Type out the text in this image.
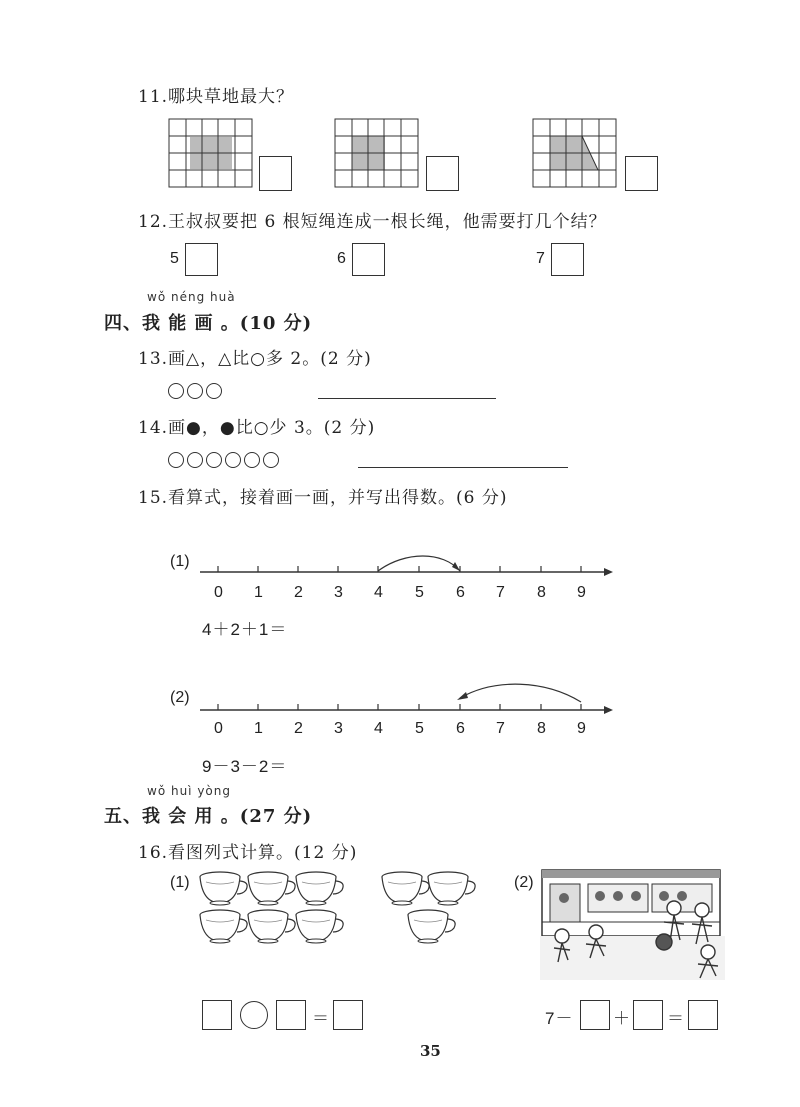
11.哪块草地最大？
12.王叔叔要把 6 根短绳连成一根长绳，他需要打几个结？
5	6	7
wǒ néng huà
四、我 能 画 。(10 分)
13.画△，△比○多 2。(2 分)
14.画●，●比○少 3。(2 分)
15.看算式，接着画一画，并写出得数。(6 分)
(1)
0 1 2 3 4 5 6 7 8 9
4＋2＋1＝
(2)
0 1 2 3 4 5 6 7 8 9
9－3－2＝
wǒ huì yòng
五、我 会 用 。(27 分)
16.看图列式计算。(12 分)
(1)
＝
(2)
7－ ＋ ＝
35
